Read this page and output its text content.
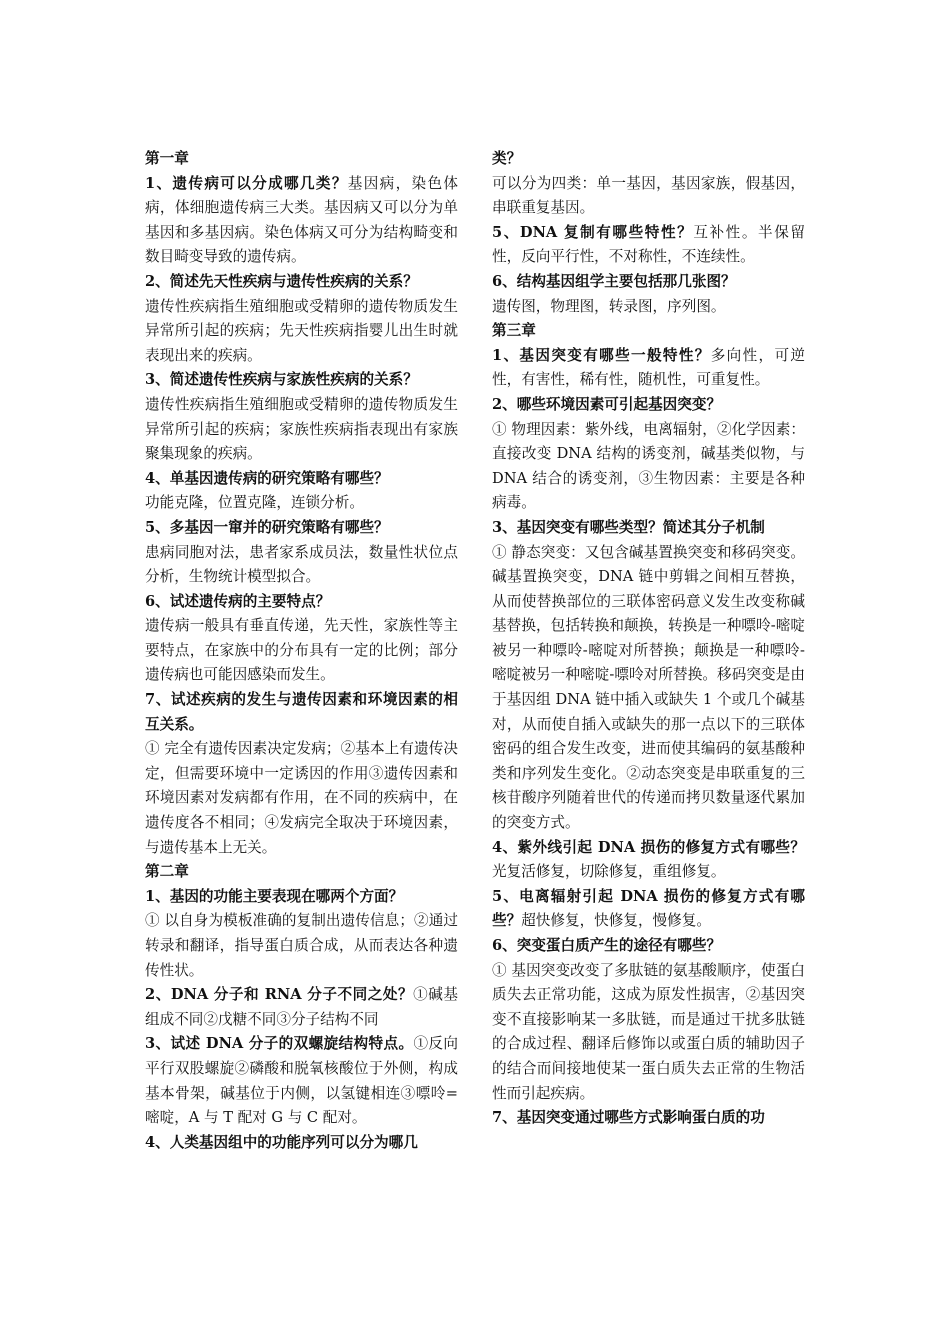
第一章

1、遗传病可以分成哪几类？基因病，染色体病，体细胞遗传病三大类。基因病又可以分为单基因和多基因病。染色体病又可分为结构畸变和数目畸变导致的遗传病。

2、简述先天性疾病与遗传性疾病的关系？

遗传性疾病指生殖细胞或受精卵的遗传物质发生异常所引起的疾病；先天性疾病指婴儿出生时就表现出来的疾病。

3、简述遗传性疾病与家族性疾病的关系？

遗传性疾病指生殖细胞或受精卵的遗传物质发生异常所引起的疾病；家族性疾病指表现出有家族聚集现象的疾病。

4、单基因遗传病的研究策略有哪些？

功能克隆，位置克隆，连锁分析。

5、多基因一窜并的研究策略有哪些？

患病同胞对法，患者家系成员法，数量性状位点分析，生物统计模型拟合。

6、试述遗传病的主要特点？

遗传病一般具有垂直传递，先天性，家族性等主要特点，在家族中的分布具有一定的比例；部分遗传病也可能因感染而发生。

7、试述疾病的发生与遗传因素和环境因素的相互关系。

① 完全有遗传因素决定发病；②基本上有遗传决定，但需要环境中一定诱因的作用③遗传因素和环境因素对发病都有作用，在不同的疾病中，在遗传度各不相同；④发病完全取决于环境因素，与遗传基本上无关。

第二章

1、基因的功能主要表现在哪两个方面？

① 以自身为模板准确的复制出遗传信息；②通过转录和翻译，指导蛋白质合成，从而表达各种遗传性状。

2、DNA 分子和 RNA 分子不同之处？①碱基组成不同②戊糖不同③分子结构不同

3、试述 DNA 分子的双螺旋结构特点。①反向平行双股螺旋②磷酸和脱氧核酸位于外侧，构成基本骨架，碱基位于内侧，以氢键相连③嘌呤=嘧啶，A 与 T 配对 G 与 C 配对。

4、人类基因组中的功能序列可以分为哪几

类？

可以分为四类：单一基因，基因家族，假基因，串联重复基因。

5、DNA 复制有哪些特性？互补性。半保留性，反向平行性，不对称性，不连续性。

6、结构基因组学主要包括那几张图？

遗传图，物理图，转录图，序列图。

第三章

1、基因突变有哪些一般特性？多向性，可逆性，有害性，稀有性，随机性，可重复性。

2、哪些环境因素可引起基因突变？

① 物理因素：紫外线，电离辐射，②化学因素：直接改变 DNA 结构的诱变剂，碱基类似物，与 DNA 结合的诱变剂，③生物因素：主要是各种病毒。

3、基因突变有哪些类型？简述其分子机制

① 静态突变：又包含碱基置换突变和移码突变。碱基置换突变，DNA 链中剪辑之间相互替换，从而使替换部位的三联体密码意义发生改变称碱基替换，包括转换和颠换，转换是一种嘌呤-嘧啶被另一种嘌呤-嘧啶对所替换；颠换是一种嘌呤-嘧啶被另一种嘧啶-嘌呤对所替换。移码突变是由于基因组 DNA 链中插入或缺失 1 个或几个碱基对，从而使自插入或缺失的那一点以下的三联体密码的组合发生改变，进而使其编码的氨基酸种类和序列发生变化。②动态突变是串联重复的三核苷酸序列随着世代的传递而拷贝数量逐代累加的突变方式。

4、紫外线引起 DNA 损伤的修复方式有哪些？光复活修复，切除修复，重组修复。

5、电离辐射引起 DNA 损伤的修复方式有哪些？超快修复，快修复，慢修复。

6、突变蛋白质产生的途径有哪些？

① 基因突变改变了多肽链的氨基酸顺序，使蛋白质失去正常功能，这成为原发性损害，②基因突变不直接影响某一多肽链，而是通过干扰多肽链的合成过程、翻译后修饰以或蛋白质的辅助因子的结合而间接地使某一蛋白质失去正常的生物活性而引起疾病。

7、基因突变通过哪些方式影响蛋白质的功
